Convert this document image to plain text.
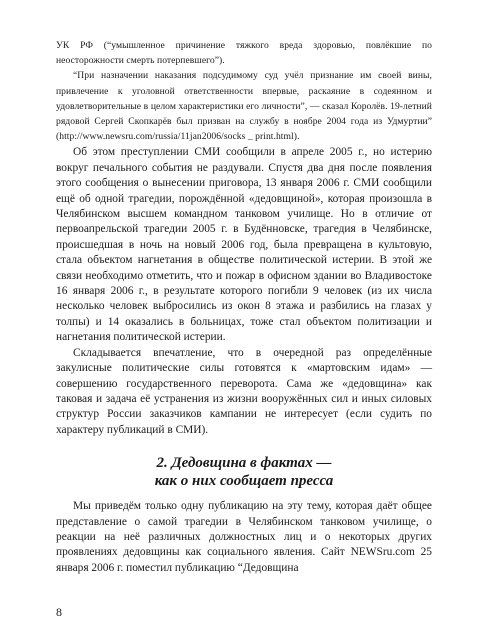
УК РФ (“умышленное причинение тяжкого вреда здоровью, повлёкшие по неосторожности смерть потерпевшего”).

“При назначении наказания подсудимому суд учёл признание им своей вины, привлечение к уголовной ответственности впервые, раскаяние в содеянном и удовлетворительные в целом характеристики его личности”, — сказал Королёв. 19-летний рядовой Сергей Скопкарёв был призван на службу в ноябре 2004 года из Удмуртии” (http://www.newsru.com/russia/11jan2006/socks _ print.html).

Об этом преступлении СМИ сообщили в апреле 2005 г., но истерию вокруг печального события не раздували. Спустя два дня после появления этого сообщения о вынесении приговора, 13 января 2006 г. СМИ сообщили ещё об одной трагедии, порождённой «дедовщиной», которая произошла в Челябинском высшем командном танковом училище. Но в отличие от первоапрельской трагедии 2005 г. в Будённовске, трагедия в Челябинске, происшедшая в ночь на новый 2006 год, была превращена в культовую, стала объектом нагнетания в обществе политической истерии. В этой же связи необходимо отметить, что и пожар в офисном здании во Владивостоке 16 января 2006 г., в результате которого погибли 9 человек (из их числа несколько человек выбросились из окон 8 этажа и разбились на глазах у толпы) и 14 оказались в больницах, тоже стал объектом политизации и нагнетания политической истерии.

Складывается впечатление, что в очередной раз определённые закулисные политические силы готовятся к «мартовским идам» — совершению государственного переворота. Сама же «дедовщина» как таковая и задача её устранения из жизни вооружённых сил и иных силовых структур России заказчиков кампании не интересует (если судить по характеру публикаций в СМИ).

2. Дедовщина в фактах —
как о них сообщает пресса

Мы приведём только одну публикацию на эту тему, которая даёт общее представление о самой трагедии в Челябинском танковом училище, о реакции на неё различных должностных лиц и о некоторых других проявлениях дедовщины как социального явления. Сайт NEWSru.com 25 января 2006 г. поместил публикацию “Дедовщина

8
